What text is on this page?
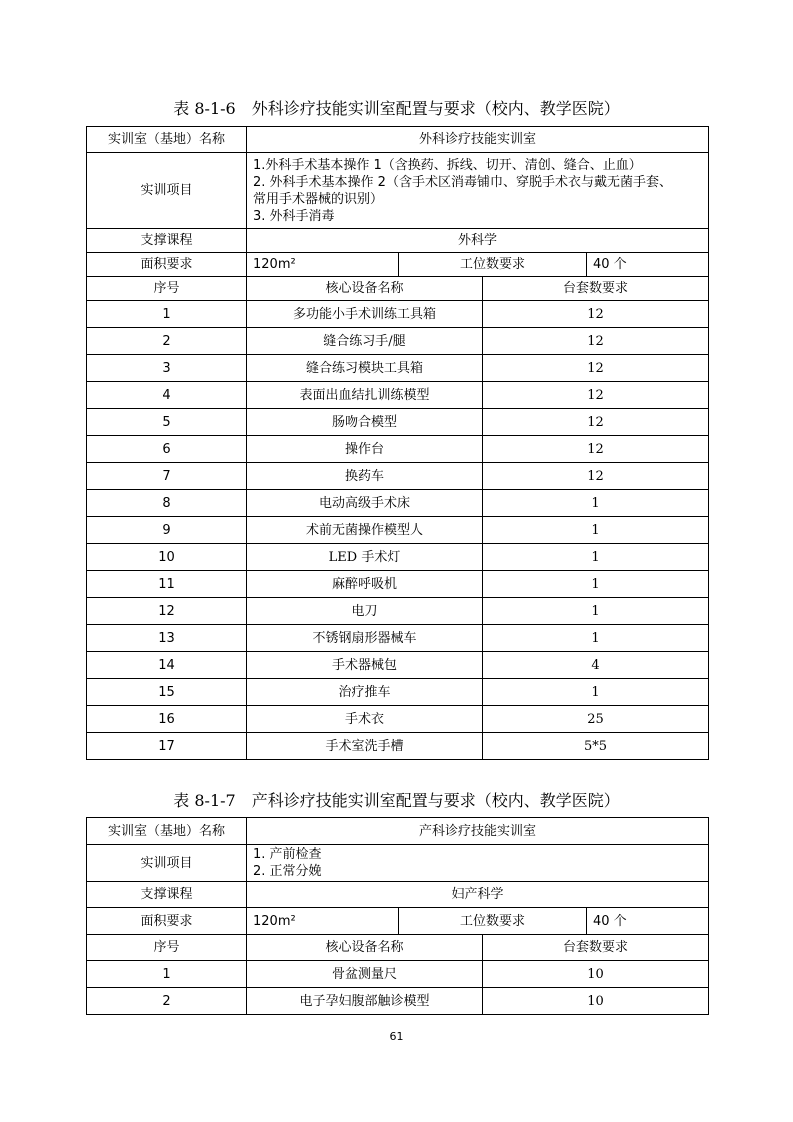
表 8-1-6　外科诊疗技能实训室配置与要求（校内、教学医院）
实训室（基地）名称	外科诊疗技能实训室			
实训项目	1.外科手术基本操作 1（含换药、拆线、切开、清创、缝合、止血）
2. 外科手术基本操作 2（含手术区消毒铺巾、穿脱手术衣与戴无菌手套、
常用手术器械的识别）
3. 外科手消毒			

支撑课程	外科学			
面积要求	120m²	工位数要求		40 个
序号	核心设备名称		台套数要求	
1	多功能小手术训练工具箱		12	
2	缝合练习手/腿		12	
3	缝合练习模块工具箱		12	
4	表面出血结扎训练模型		12	
5	肠吻合模型		12	
6	操作台		12	
7	换药车		12	
8	电动高级手术床		1	
9	术前无菌操作模型人		1	
10	LED 手术灯		1	
11	麻醉呼吸机		1	
12	电刀		1	
13	不锈钢扇形器械车		1	
14	手术器械包		4	
15	治疗推车		1	
16	手术衣		25	
17	手术室洗手槽		5*5	
表 8-1-7　产科诊疗技能实训室配置与要求（校内、教学医院）
实训室（基地）名称	产科诊疗技能实训室			
实训项目	1. 产前检查
2. 正常分娩			

支撑课程	妇产科学			
面积要求	120m²	工位数要求		40 个
序号	核心设备名称		台套数要求	
1	骨盆测量尺		10	
2	电子孕妇腹部触诊模型		10	
61
